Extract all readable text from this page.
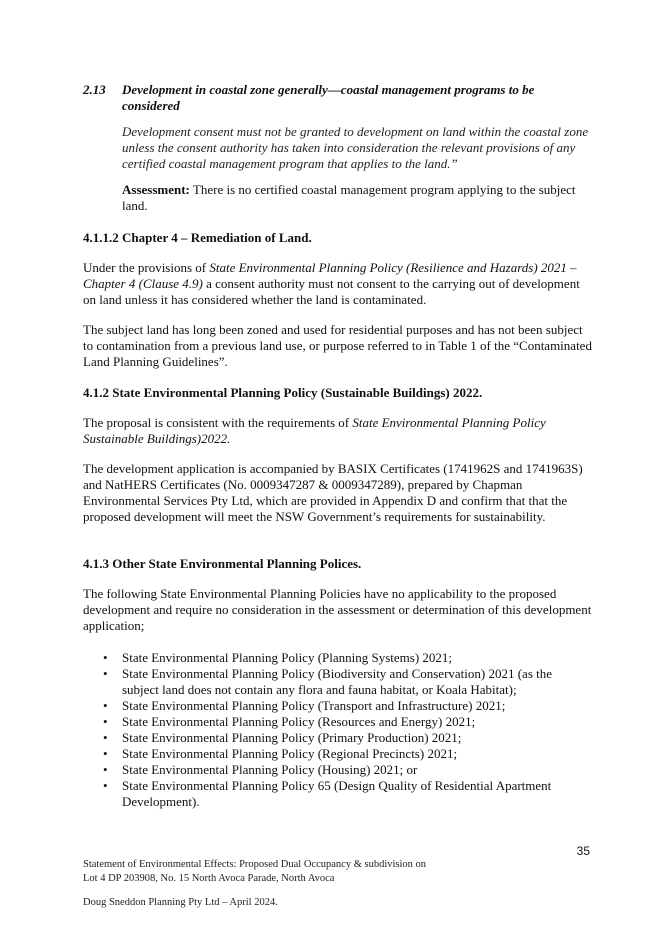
2.13 Development in coastal zone generally—coastal management programs to be considered
Development consent must not be granted to development on land within the coastal zone unless the consent authority has taken into consideration the relevant provisions of any certified coastal management program that applies to the land.”
Assessment: There is no certified coastal management program applying to the subject land.
4.1.1.2 Chapter 4 – Remediation of Land.
Under the provisions of State Environmental Planning Policy (Resilience and Hazards) 2021 – Chapter 4 (Clause 4.9) a consent authority must not consent to the carrying out of development on land unless it has considered whether the land is contaminated.
The subject land has long been zoned and used for residential purposes and has not been subject to contamination from a previous land use, or purpose referred to in Table 1 of the “Contaminated Land Planning Guidelines”.
4.1.2 State Environmental Planning Policy (Sustainable Buildings) 2022.
The proposal is consistent with the requirements of State Environmental Planning Policy Sustainable Buildings)2022.
The development application is accompanied by BASIX Certificates (1741962S and 1741963S) and NatHERS Certificates (No. 0009347287 & 0009347289), prepared by Chapman Environmental Services Pty Ltd, which are provided in Appendix D and confirm that that the proposed development will meet the NSW Government’s requirements for sustainability.
4.1.3 Other State Environmental Planning Polices.
The following State Environmental Planning Policies have no applicability to the proposed development and require no consideration in the assessment or determination of this development application;
• State Environmental Planning Policy (Planning Systems) 2021;
• State Environmental Planning Policy (Biodiversity and Conservation) 2021 (as the subject land does not contain any flora and fauna habitat, or Koala Habitat);
• State Environmental Planning Policy (Transport and Infrastructure) 2021;
• State Environmental Planning Policy (Resources and Energy) 2021;
• State Environmental Planning Policy (Primary Production) 2021;
• State Environmental Planning Policy (Regional Precincts) 2021;
• State Environmental Planning Policy (Housing) 2021; or
• State Environmental Planning Policy 65 (Design Quality of Residential Apartment Development).
35
Statement of Environmental Effects: Proposed Dual Occupancy & subdivision on
Lot 4 DP 203908, No. 15 North Avoca Parade, North Avoca
Doug Sneddon Planning Pty Ltd – April 2024.
